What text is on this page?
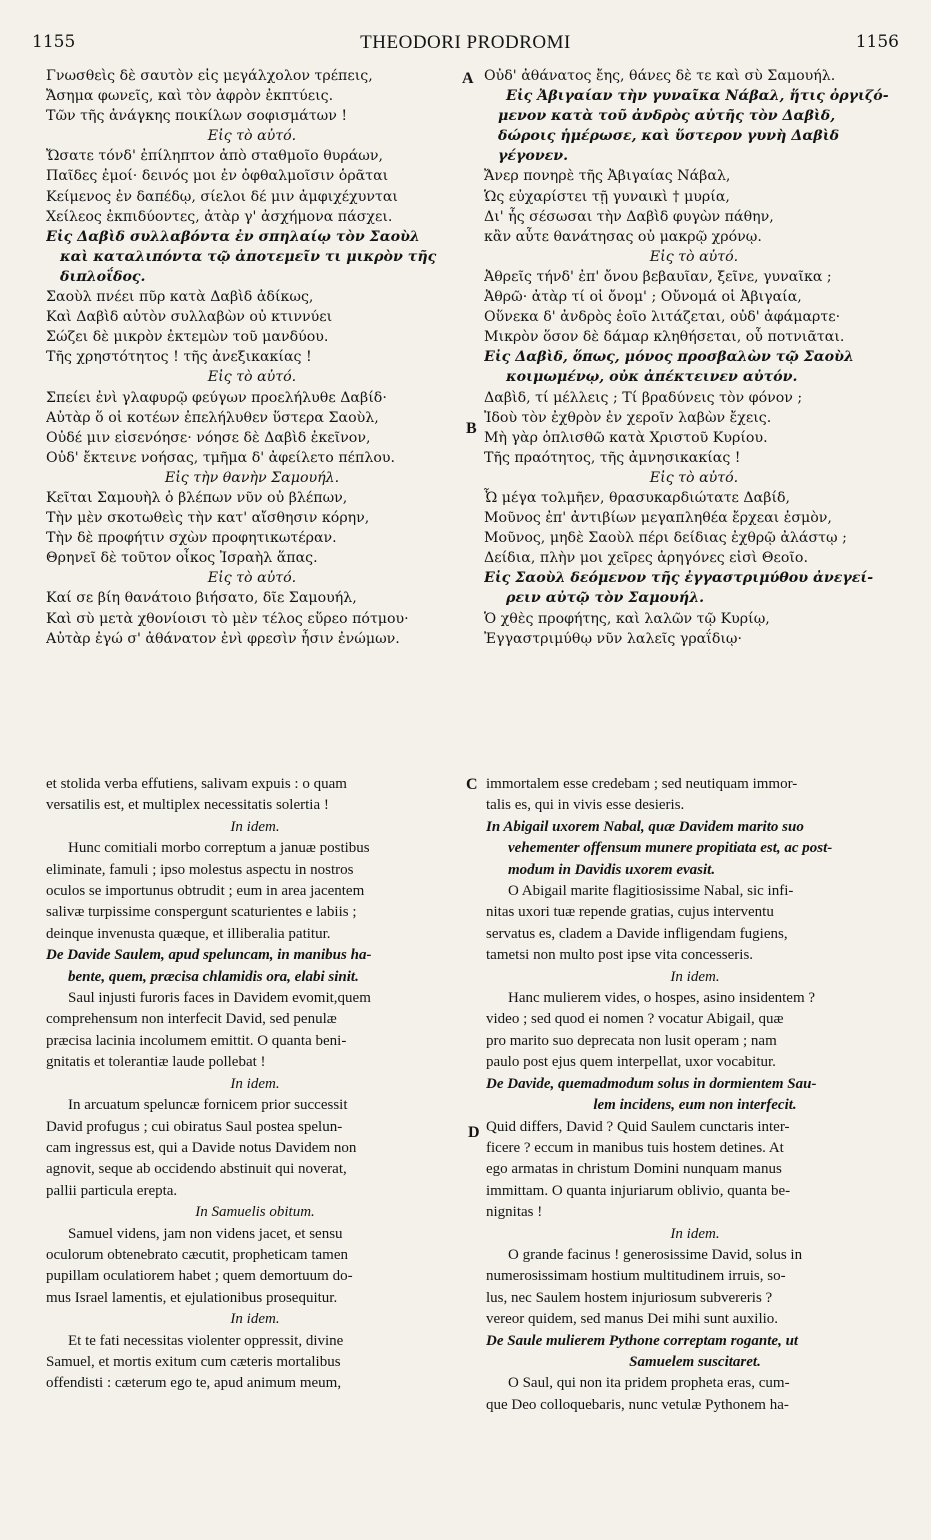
1155	THEODORI PRODROMI	1156
Γνωσθεὶς δὲ σαυτὸν εἰς μεγάλχολον τρέπεις,
Ἄσημα φωνεῖς, καὶ τὸν ἀφρὸν ἐκπτύεις.
Τῶν τῆς ἀνάγκης ποικίλων σοφισμάτων !
Εἰς τὸ αὐτό.
Ὤσατε τόνδ' ἐπίληπτον ἀπὸ σταθμοῖο θυράων,
Παῖδες ἐμοί· δεινός μοι ἐν ὀφθαλμοῖσιν ὁρᾶται
Κείμενος ἐν δαπέδῳ, σίελοι δέ μιν ἀμφιχέχυνται
Χείλεος ἐκπιδύοντες, ἀτὰρ γ' ἀσχήμονα πάσχει.
Εἰς Δαβὶδ συλλαβόντα ἐν σπηλαίῳ τὸν Σαοὺλ
καὶ καταλιπόντα τῷ ἀποτεμεῖν τι μικρὸν τῆς
διπλοΐδος.
Σαοὺλ πνέει πῦρ κατὰ Δαβὶδ ἀδίκως,
Καὶ Δαβὶδ αὐτὸν συλλαβὼν οὐ κτιννύει
Σώζει δὲ μικρὸν ἐκτεμὼν τοῦ μανδύου.
Τῆς χρηστότητος ! τῆς ἀνεξικακίας !
Εἰς τὸ αὐτό.
Σπείει ἐνὶ γλαφυρῷ φεύγων προελήλυθε Δαβίδ·
Αὐτὰρ ὅ οἱ κοτέων ἐπελήλυθεν ὕστερα Σαοὺλ,
Οὐδέ μιν εἰσενόησε· νόησε δὲ Δαβὶδ ἐκεῖνον,
Οὐδ' ἔκτεινε νοήσας, τμῆμα δ' ἀφείλετο πέπλου.
Εἰς τὴν θανὴν Σαμουήλ.
Κεῖται Σαμουὴλ ὁ βλέπων νῦν οὐ βλέπων,
Τὴν μὲν σκοτωθεὶς τὴν κατ' αἴσθησιν κόρην,
Τὴν δὲ προφήτιν σχὼν προφητικωτέραν.
Θρηνεῖ δὲ τοῦτον οἶκος Ἰσραὴλ ἅπας.
Εἰς τὸ αὐτό.
Καί σε βίη θανάτοιο βιήσατο, δῖε Σαμουήλ,
Καὶ σὺ μετὰ χθονίοισι τὸ μὲν τέλος εὕρεο πότμου·
Αὐτὰρ ἐγώ σ' ἀθάνατον ἐνὶ φρεσὶν ἦσιν ἐνώμων.
Οὐδ' ἀθάνατος ἔης, θάνες δὲ τε καὶ σὺ Σαμουήλ.
Εἰς Ἀβιγαίαν τὴν γυναῖκα Νάβαλ, ἥτις ὀργιζό-
μενον κατὰ τοῦ ἀνδρὸς αὐτῆς τὸν Δαβὶδ,
δώροις ἡμέρωσε, καὶ ὕστερον γυνὴ Δαβὶδ
γέγονεν.
Ἄνερ πονηρὲ τῆς Ἀβιγαίας Νάβαλ,
Ὡς εὐχαρίστει τῇ γυναικὶ † μυρία,
Δι' ἧς σέσωσαι τὴν Δαβὶδ φυγὼν πάθην,
κἂν αὖτε θανάτησας οὐ μακρῷ χρόνῳ.
Εἰς τὸ αὐτό.
Ἀθρεῖς τήνδ' ἐπ' ὄνου βεβαυῖαν, ξεῖνε, γυναῖκα ;
Ἀθρῶ· ἀτὰρ τί οἱ ὄνομ' ; Οὔνομά οἱ Ἀβιγαία,
Οὕνεκα δ' ἀνδρὸς ἑοῖο λιτάζεται, οὐδ' ἀφάμαρτε·
Μικρὸν ὅσον δὲ δάμαρ κληθήσεται, οὗ ποτνιᾶται.
Εἰς Δαβὶδ, ὅπως, μόνος προσβαλὼν τῷ Σαοὺλ
κοιμωμένῳ, οὐκ ἀπέκτεινεν αὐτόν.
Δαβὶδ, τί μέλλεις ; Τί βραδύνεις τὸν φόνον ;
Ἰδοὺ τὸν ἐχθρὸν ἐν χεροῖν λαβὼν ἔχεις.
Μὴ γὰρ ὁπλισθῶ κατὰ Χριστοῦ Κυρίου.
Τῆς πραότητος, τῆς ἀμνησικακίας !
Εἰς τὸ αὐτό.
Ὦ μέγα τολμῆεν, θρασυκαρδιώτατε Δαβίδ,
Μοῦνος ἐπ' ἀντιβίων μεγαπληθέα ἔρχεαι ἐσμὸν,
Μοῦνος, μηδὲ Σαοὺλ πέρι δείδιας ἐχθρῷ ἀλάστῳ ;
Δείδια, πλὴν μοι χεῖρες ἀρηγόνες εἰσὶ Θεοῖο.
Εἰς Σαοὺλ δεόμενον τῆς ἐγγαστριμύθου ἀνεγεί-
ρειν αὐτῷ τὸν Σαμουήλ.
Ὁ χθὲς προφήτης, καὶ λαλῶν τῷ Κυρίῳ,
Ἐγγαστριμύθῳ νῦν λαλεῖς γραΐδιῳ·
et stolida verba effutiens, salivam expuis : o quam
versatilis est, et multiplex necessitatis solertia !
In idem.
Hunc comitiali morbo correptum a januæ postibus
eliminate, famuli ; ipso molestus aspectu in nostros
oculos se importunus obtrudit ; eum in area jacentem
salivæ turpissime conspergunt scaturientes e labiis ;
deinque invenusta quæque, et illiberalia patitur.
De Davide Saulem, apud speluncam, in manibus ha-
bente, quem, præcisa chlamidis ora, elabi sinit.
Saul injusti furoris faces in Davidem evomit,quem
comprehensum non interfecit David, sed penulæ
præcisa lacinia incolumem emittit. O quanta beni-
gnitatis et tolerantiæ laude pollebat !
In idem.
In arcuatum speluncæ fornicem prior successit
David profugus ; cui obiratus Saul postea spelun-
cam ingressus est, qui a Davide notus Davidem non
agnovit, seque ab occidendo abstinuit qui noverat,
pallii particula erepta.
In Samuelis obitum.
Samuel videns, jam non videns jacet, et sensu
oculorum obtenebrato cæcutit, propheticam tamen
pupillam oculatiorem habet ; quem demortuum do-
mus Israel lamentis, et ejulationibus prosequitur.
In idem.
Et te fati necessitas violenter oppressit, divine
Samuel, et mortis exitum cum cæteris mortalibus
offendisti : cæterum ego te, apud animum meum,
immortalem esse credebam ; sed neutiquam immor-
talis es, qui in vivis esse desieris.
In Abigail uxorem Nabal, quæ Davidem marito suo
vehementer offensum munere propitiata est, ac post-
modum in Davidis uxorem evasit.
O Abigail marite flagitiosissime Nabal, sic infi-
nitas uxori tuæ repende gratias, cujus interventu
servatus es, cladem a Davide infligendam fugiens,
tametsi non multo post ipse vita concesseris.
In idem.
Hanc mulierem vides, o hospes, asino insidentem ?
video ; sed quod ei nomen ? vocatur Abigail, quæ
pro marito suo deprecata non lusit operam ; nam
paulo post ejus quem interpellat, uxor vocabitur.
De Davide, quemadmodum solus in dormientem Sau-
lem incidens, eum non interfecit.
Quid differs, David ? Quid Saulem cunctaris inter-
ficere ? eccum in manibus tuis hostem detines. At
ego armatas in christum Domini nunquam manus
immittam. O quanta injuriarum oblivio, quanta be-
nignitas !
In idem.
O grande facinus ! generosissime David, solus in
numerosissimam hostium multitudinem irruis, so-
lus, nec Saulem hostem injuriosum subvereris ?
vereor quidem, sed manus Dei mihi sunt auxilio.
De Saule mulierem Pythone correptam rogante, ut
Samuelem suscitaret.
O Saul, qui non ita pridem propheta eras, cum-
que Deo colloquebaris, nunc vetulæ Pythonem ha-
A
B
C
D
